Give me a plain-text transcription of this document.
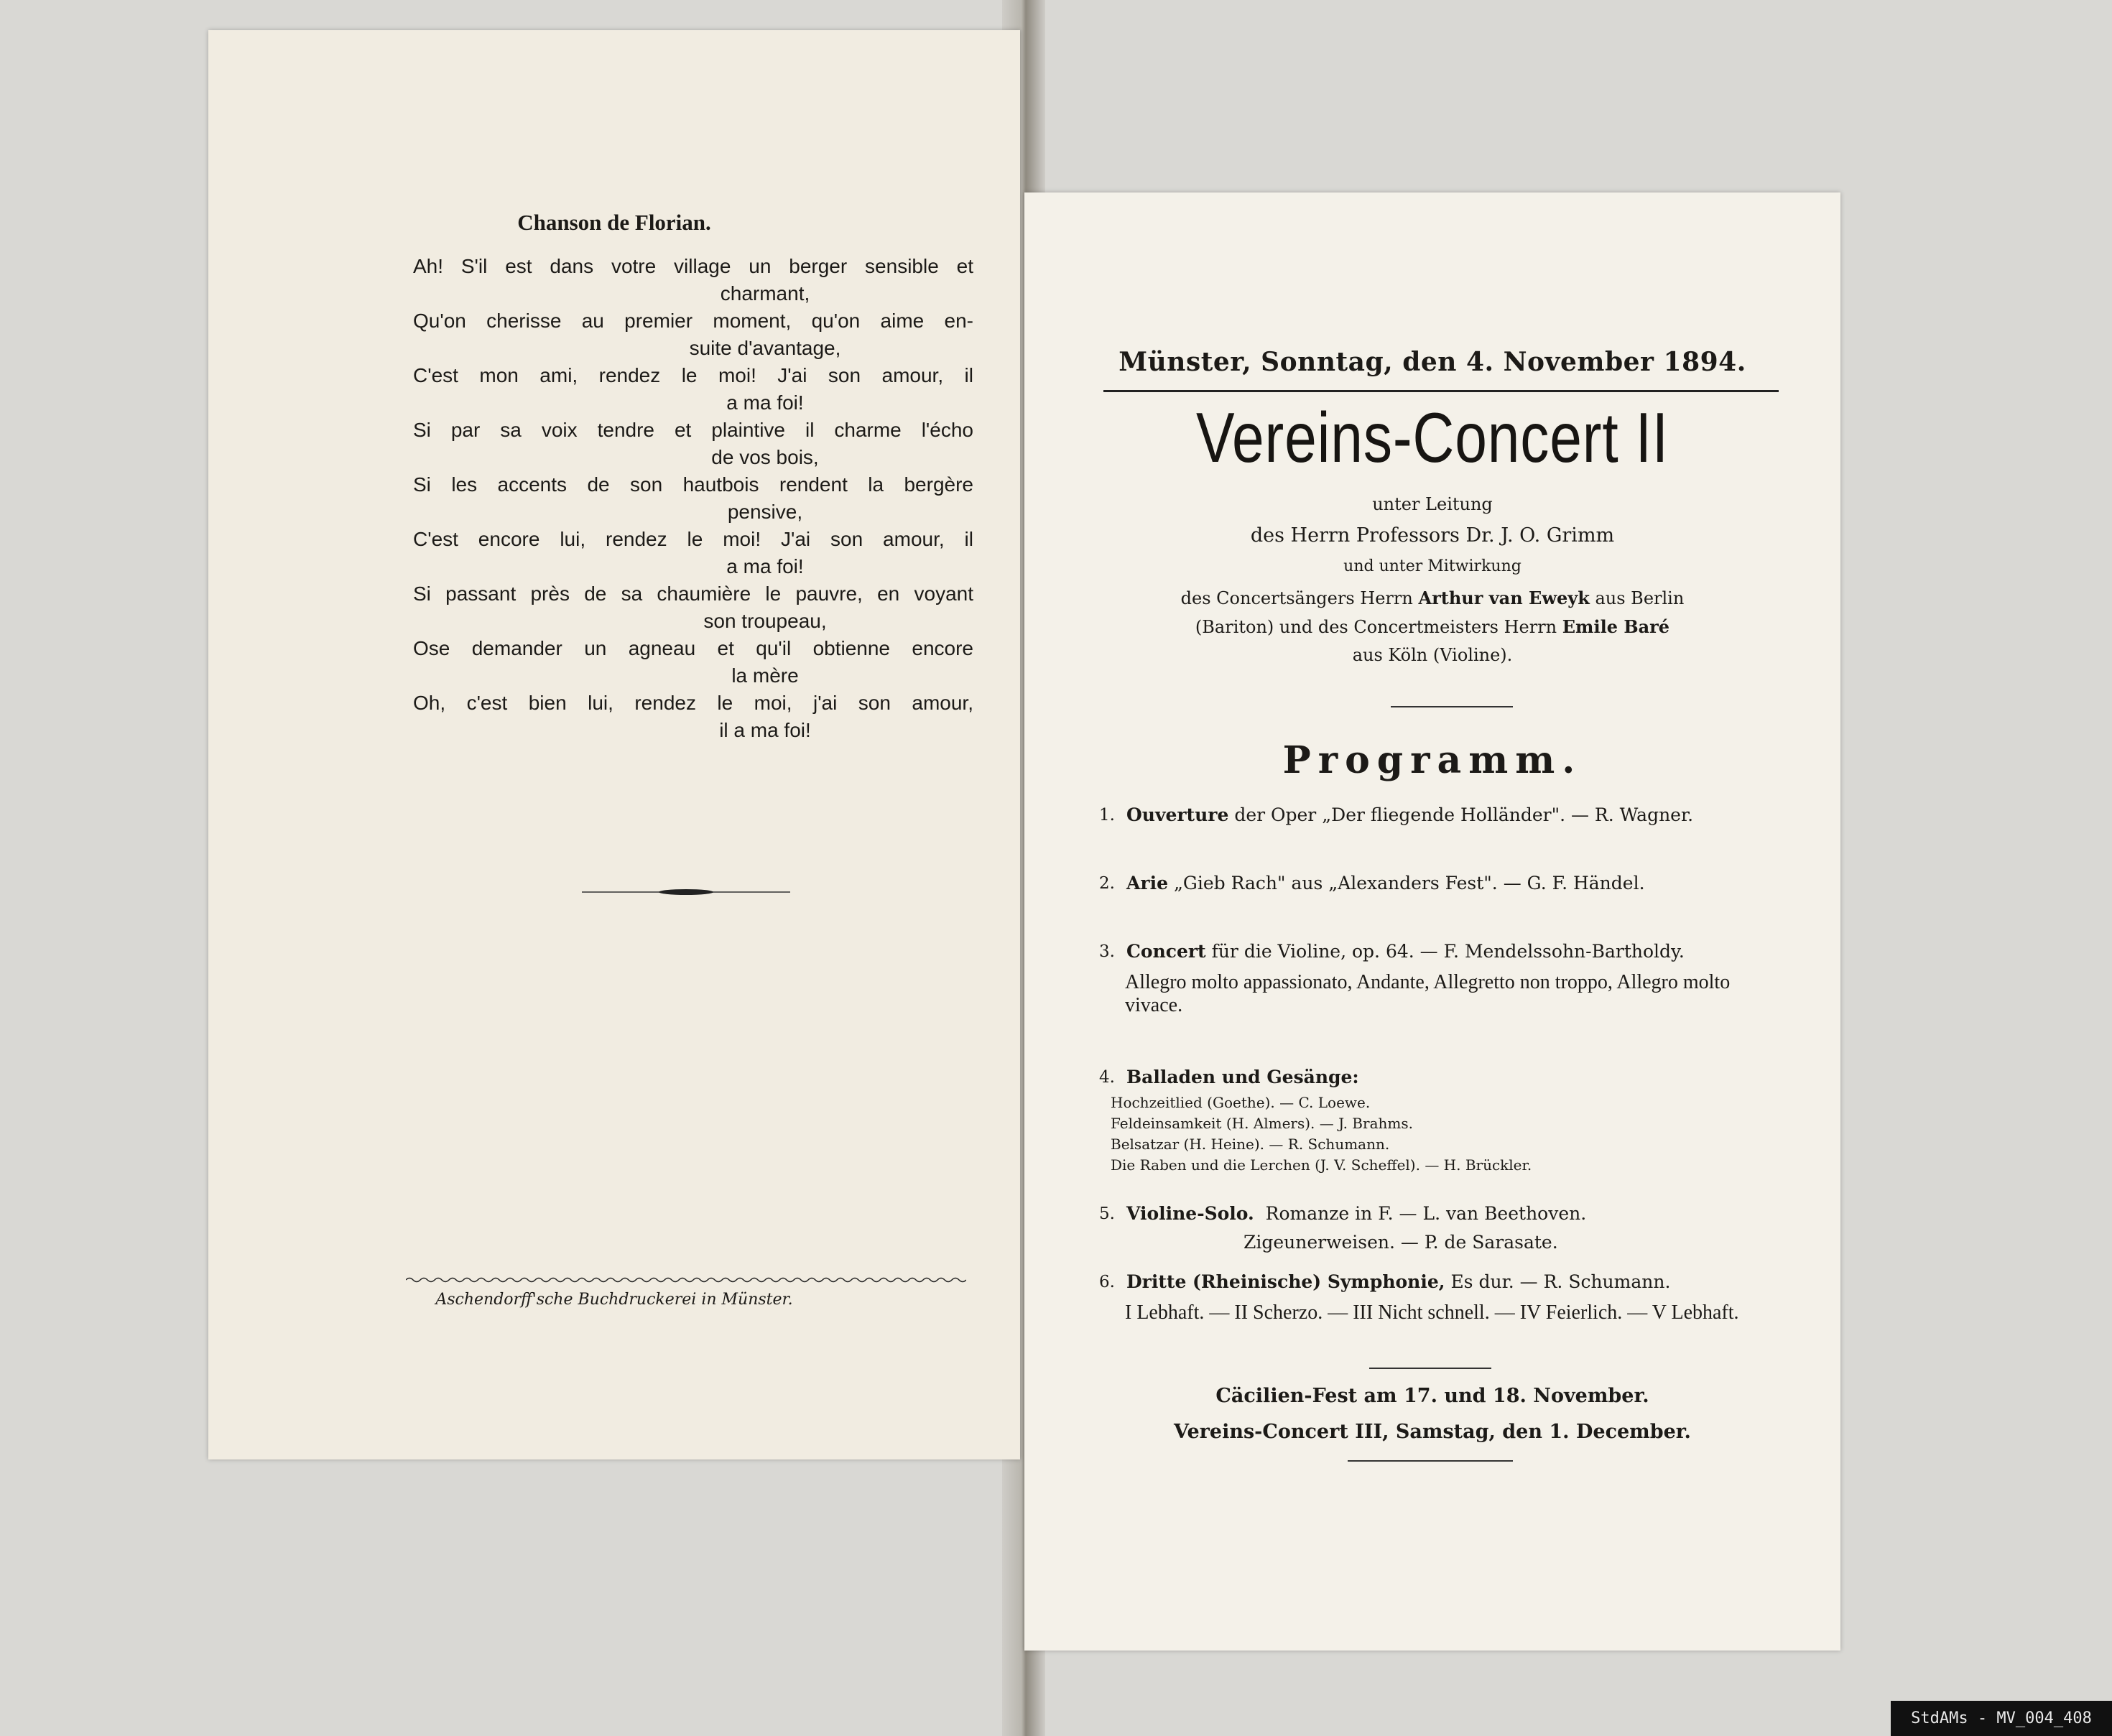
Chanson de Florian.
Ah! S'il est dans votre village un berger sensible et
charmant,
Qu'on cherisse au premier moment, qu'on aime en-
suite d'avantage,
C'est mon ami, rendez le moi! J'ai son amour, il
a ma foi!
Si par sa voix tendre et plaintive il charme l'écho
de vos bois,
Si les accents de son hautbois rendent la bergère
pensive,
C'est encore lui, rendez le moi! J'ai son amour, il
a ma foi!
Si passant près de sa chaumière le pauvre, en voyant
son troupeau,
Ose demander un agneau et qu'il obtienne encore
la mère
Oh, c'est bien lui, rendez le moi, j'ai son amour,
il a ma foi!
Aschendorff'sche Buchdruckerei in Münster.
Münster, Sonntag, den 4. November 1894.
Vereins-Concert II
unter Leitung
des Herrn Professors Dr. J. O. Grimm
und unter Mitwirkung
des Concertsängers Herrn Arthur van Eweyk aus Berlin
(Bariton) und des Concertmeisters Herrn Emile Baré
aus Köln (Violine).
Programm.
1. Ouverture der Oper „Der fliegende Holländer". — R. Wagner.
2. Arie „Gieb Rach" aus „Alexanders Fest". — G. F. Händel.
3. Concert für die Violine, op. 64. — F. Mendelssohn-Bartholdy.
Allegro molto appassionato, Andante, Allegretto non troppo, Allegro molto vivace.
4. Balladen und Gesänge:
Hochzeitlied (Goethe). — C. Loewe.
Feldeinsamkeit (H. Almers). — J. Brahms.
Belsatzar (H. Heine). — R. Schumann.
Die Raben und die Lerchen (J. V. Scheffel). — H. Brückler.
5. Violine-Solo. Romanze in F. — L. van Beethoven.
Zigeunerweisen. — P. de Sarasate.
6. Dritte (Rheinische) Symphonie, Es dur. — R. Schumann.
I Lebhaft. — II Scherzo. — III Nicht schnell. — IV Feierlich. — V Lebhaft.
Cäcilien-Fest am 17. und 18. November.
Vereins-Concert III, Samstag, den 1. December.
StdAMs - MV_004_408
